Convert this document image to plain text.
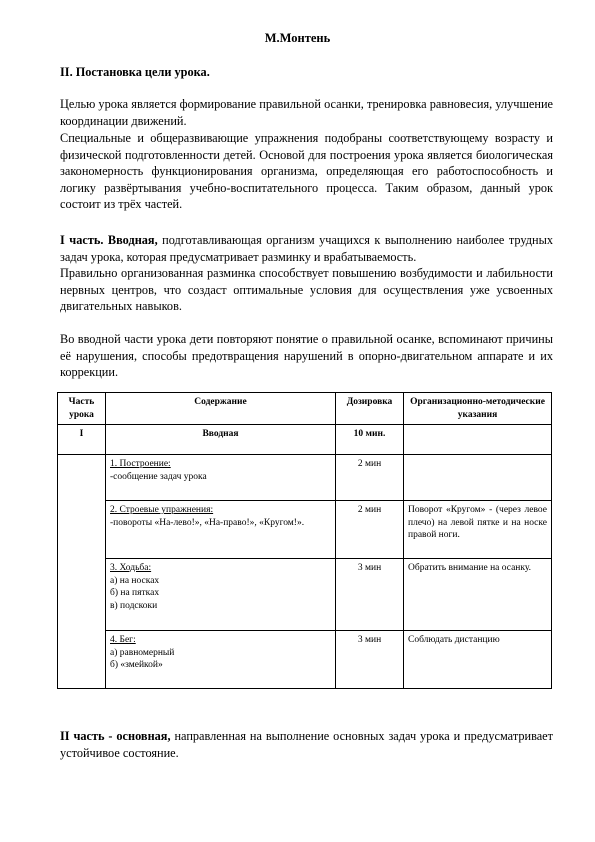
М.Монтень
II. Постановка цели урока.
Целью урока является формирование правильной осанки, тренировка равновесия, улучшение координации движений.
Специальные и общеразвивающие упражнения подобраны соответствующему возрасту и физической подготовленности детей. Основой для построения урока является биологическая закономерность функционирования организма, определяющая его работоспособность и логику развёртывания учебно-воспитательного процесса. Таким образом, данный урок состоит из трёх частей.
I часть. Вводная, подготавливающая организм учащихся к выполнению наиболее трудных задач урока, которая предусматривает разминку и врабатываемость.
Правильно организованная разминка способствует повышению возбудимости и лабильности нервных центров, что создаст оптимальные условия для осуществления уже усвоенных двигательных навыков.
Во вводной части урока дети повторяют понятие о правильной осанке, вспоминают причины её нарушения, способы предотвращения нарушений в опорно-двигательном аппарате и их коррекции.
Часть урока	Содержание	Дозировка	Организационно-методические указания
I	Вводная	10 мин.	

	1. Построение:
-сообщение задач урока	2 мин	

	2. Строевые упражнения:
-повороты «На-лево!», «На-право!», «Кругом!».	2 мин	Поворот «Кругом» - (через левое плечо) на левой пятке и на носке правой ноги.

	3. Ходьба:
а) на носках
б) на пятках
в) подскоки	3 мин	Обратить внимание на осанку.

	4. Бег:
а) равномерный
б) «змейкой»	3 мин	Соблюдать дистанцию
II часть - основная, направленная на выполнение основных задач урока и предусматривает устойчивое состояние.
